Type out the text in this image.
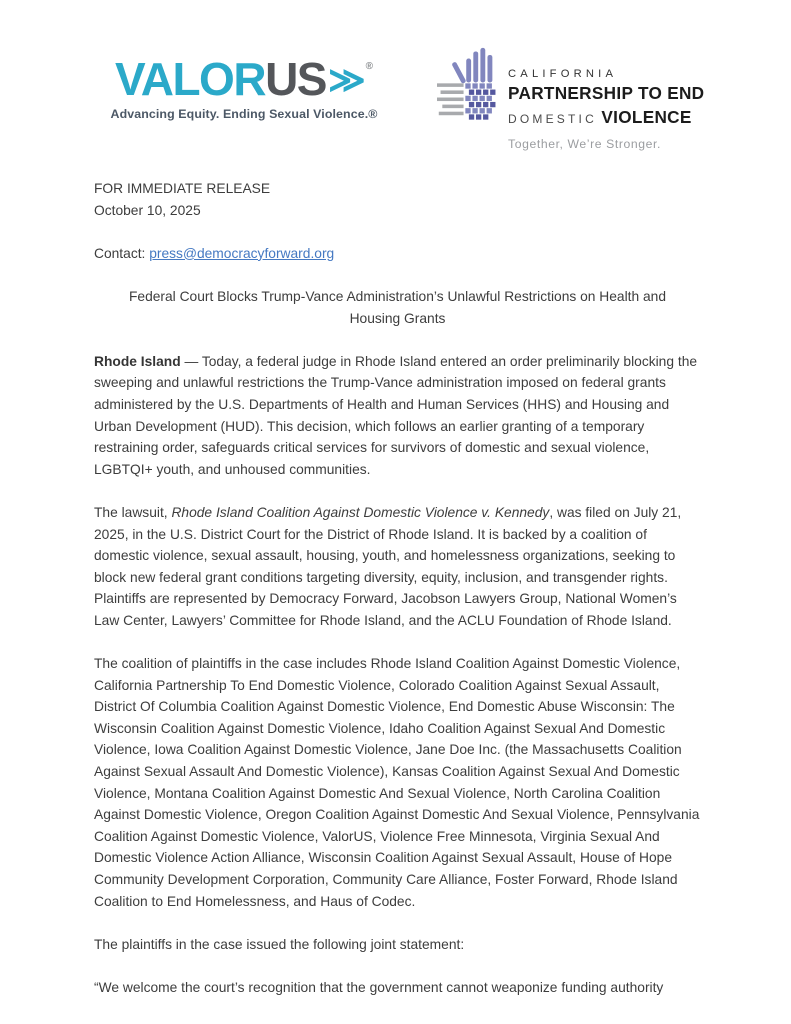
VALORUS≫®
Advancing Equity. Ending Sexual Violence.®
CALIFORNIA
PARTNERSHIP TO END
DOMESTIC VIOLENCE
Together, We’re Stronger.

FOR IMMEDIATE RELEASE
October 10, 2025

Contact: press@democracyforward.org

Federal Court Blocks Trump-Vance Administration’s Unlawful Restrictions on Health and
Housing Grants

Rhode Island — Today, a federal judge in Rhode Island entered an order preliminarily blocking the sweeping and unlawful restrictions the Trump-Vance administration imposed on federal grants administered by the U.S. Departments of Health and Human Services (HHS) and Housing and Urban Development (HUD). This decision, which follows an earlier granting of a temporary restraining order, safeguards critical services for survivors of domestic and sexual violence, LGBTQI+ youth, and unhoused communities.

The lawsuit, Rhode Island Coalition Against Domestic Violence v. Kennedy, was filed on July 21, 2025, in the U.S. District Court for the District of Rhode Island. It is backed by a coalition of domestic violence, sexual assault, housing, youth, and homelessness organizations, seeking to block new federal grant conditions targeting diversity, equity, inclusion, and transgender rights. Plaintiffs are represented by Democracy Forward, Jacobson Lawyers Group, National Women’s Law Center, Lawyers’ Committee for Rhode Island, and the ACLU Foundation of Rhode Island.

The coalition of plaintiffs in the case includes Rhode Island Coalition Against Domestic Violence, California Partnership To End Domestic Violence, Colorado Coalition Against Sexual Assault, District Of Columbia Coalition Against Domestic Violence, End Domestic Abuse Wisconsin: The Wisconsin Coalition Against Domestic Violence, Idaho Coalition Against Sexual And Domestic Violence, Iowa Coalition Against Domestic Violence, Jane Doe Inc. (the Massachusetts Coalition Against Sexual Assault And Domestic Violence), Kansas Coalition Against Sexual And Domestic Violence, Montana Coalition Against Domestic And Sexual Violence, North Carolina Coalition Against Domestic Violence, Oregon Coalition Against Domestic And Sexual Violence, Pennsylvania Coalition Against Domestic Violence, ValorUS, Violence Free Minnesota, Virginia Sexual And Domestic Violence Action Alliance, Wisconsin Coalition Against Sexual Assault, House of Hope Community Development Corporation, Community Care Alliance, Foster Forward, Rhode Island Coalition to End Homelessness, and Haus of Codec.

The plaintiffs in the case issued the following joint statement:

“We welcome the court’s recognition that the government cannot weaponize funding authority
